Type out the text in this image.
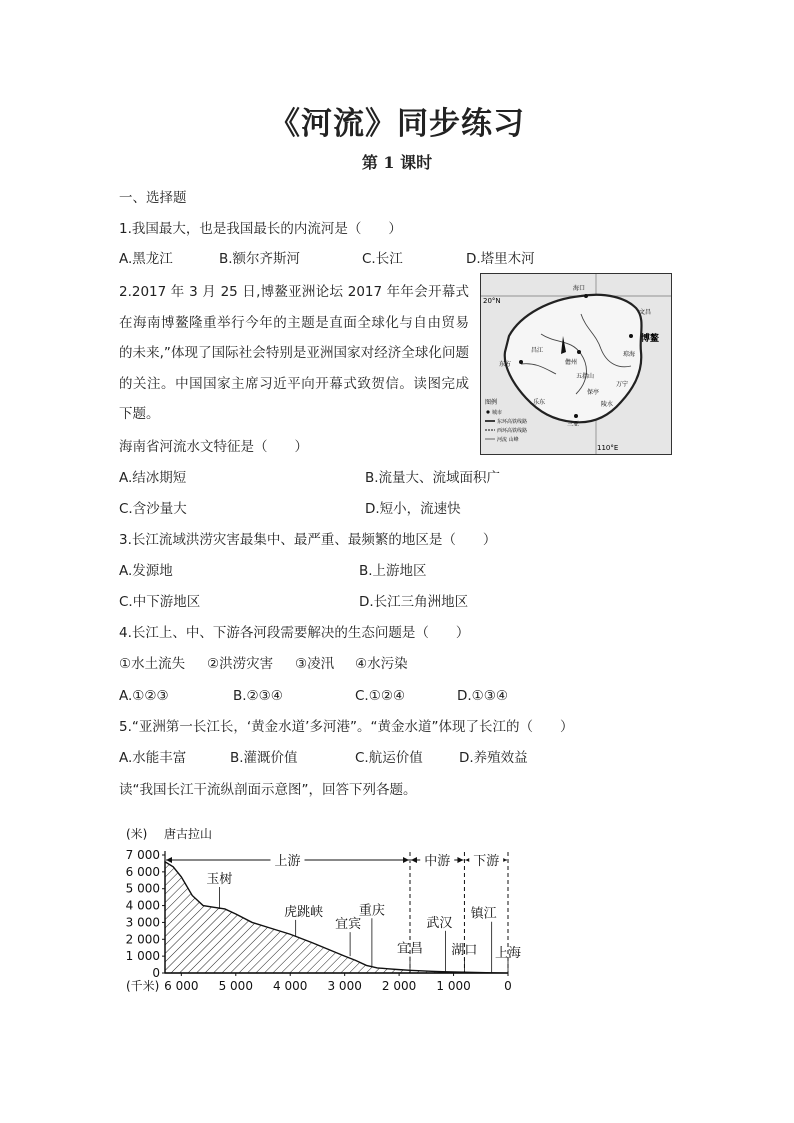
《河流》同步练习
第 1 课时
一、选择题
1.我国最大，也是我国最长的内流河是（　　）
A.黑龙江	B.额尔齐斯河	C.长江	D.塔里木河
2.2017 年 3 月 25 日,博鳌亚洲论坛 2017 年年会开幕式在海南博鳌隆重举行今年的主题是直面全球化与自由贸易的未来,”体现了国际社会特别是亚洲国家对经济全球化问题的关注。中国国家主席习近平向开幕式致贺信。读图完成下题。
20°N
110°E
博鳌
海口
文昌
琼海
万宁
陵水
三亚
乐东
东方	儋州
五指山
保亭
昌江
图例
城市
东环高铁线路
西环高铁线路
河流 山峰
海南省河流水文特征是（　　）
A.结冰期短	B.流量大、流域面积广
C.含沙量大	D.短小，流速快
3.长江流域洪涝灾害最集中、最严重、最频繁的地区是（　　）
A.发源地	B.上游地区
C.中下游地区	D.长江三角洲地区
4.长江上、中、下游各河段需要解决的生态问题是（　　）
①水土流失 ②洪涝灾害 ③凌汛 ④水污染
A.①②③	B.②③④	C.①②④	D.①③④
5.“亚洲第一长江长，‘黄金水道’多河港”。“黄金水道”体现了长江的（　　）
A.水能丰富	B.灌溉价值	C.航运价值	D.养殖效益
读“我国长江干流纵剖面示意图”，回答下列各题。
7 000
6 000
5 000
4 000
3 000
2 000
1 000
0
6 000 5 000 4 000 3 000 2 000 1 000	0
(米) 唐古拉山
(千米)
上游	中游 下游
玉树
虎跳峡
宜宾
重庆
宜昌
武汉
湖口
镇江
上海
